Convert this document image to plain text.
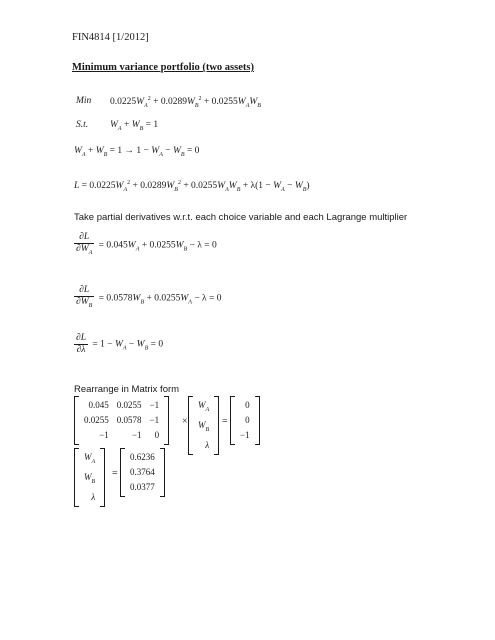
FIN4814 [1/2012]
Minimum variance portfolio (two assets)
Min $0.0225W_A^2 + 0.0289W_B^2 + 0.0255W_AW_B$
S.t. $W_A + W_B = 1$
$W_A + W_B = 1 \to 1 - W_A - W_B = 0$
$L = 0.0225W_A^2 + 0.0289W_B^2 + 0.0255W_AW_B + \lambda(1 - W_A - W_B)$
Take partial derivatives w.r.t. each choice variable and each Lagrange multiplier
$\frac{\partial L}{\partial W_A} = 0.045W_A + 0.0255W_B - \lambda = 0$
$\frac{\partial L}{\partial W_B} = 0.0578W_B + 0.0255W_A - \lambda = 0$
$\frac{\partial L}{\partial\lambda} = 1 - W_A - W_B = 0$
Rearrange in Matrix form
0.045	0.0255	−1
0.0255	0.0578	−1
−1	−1	0
×
$W_A$
$W_B$
λ
=
0
0
−1
$W_A$
$W_B$
λ
=
0.6236
0.3764
0.0377
